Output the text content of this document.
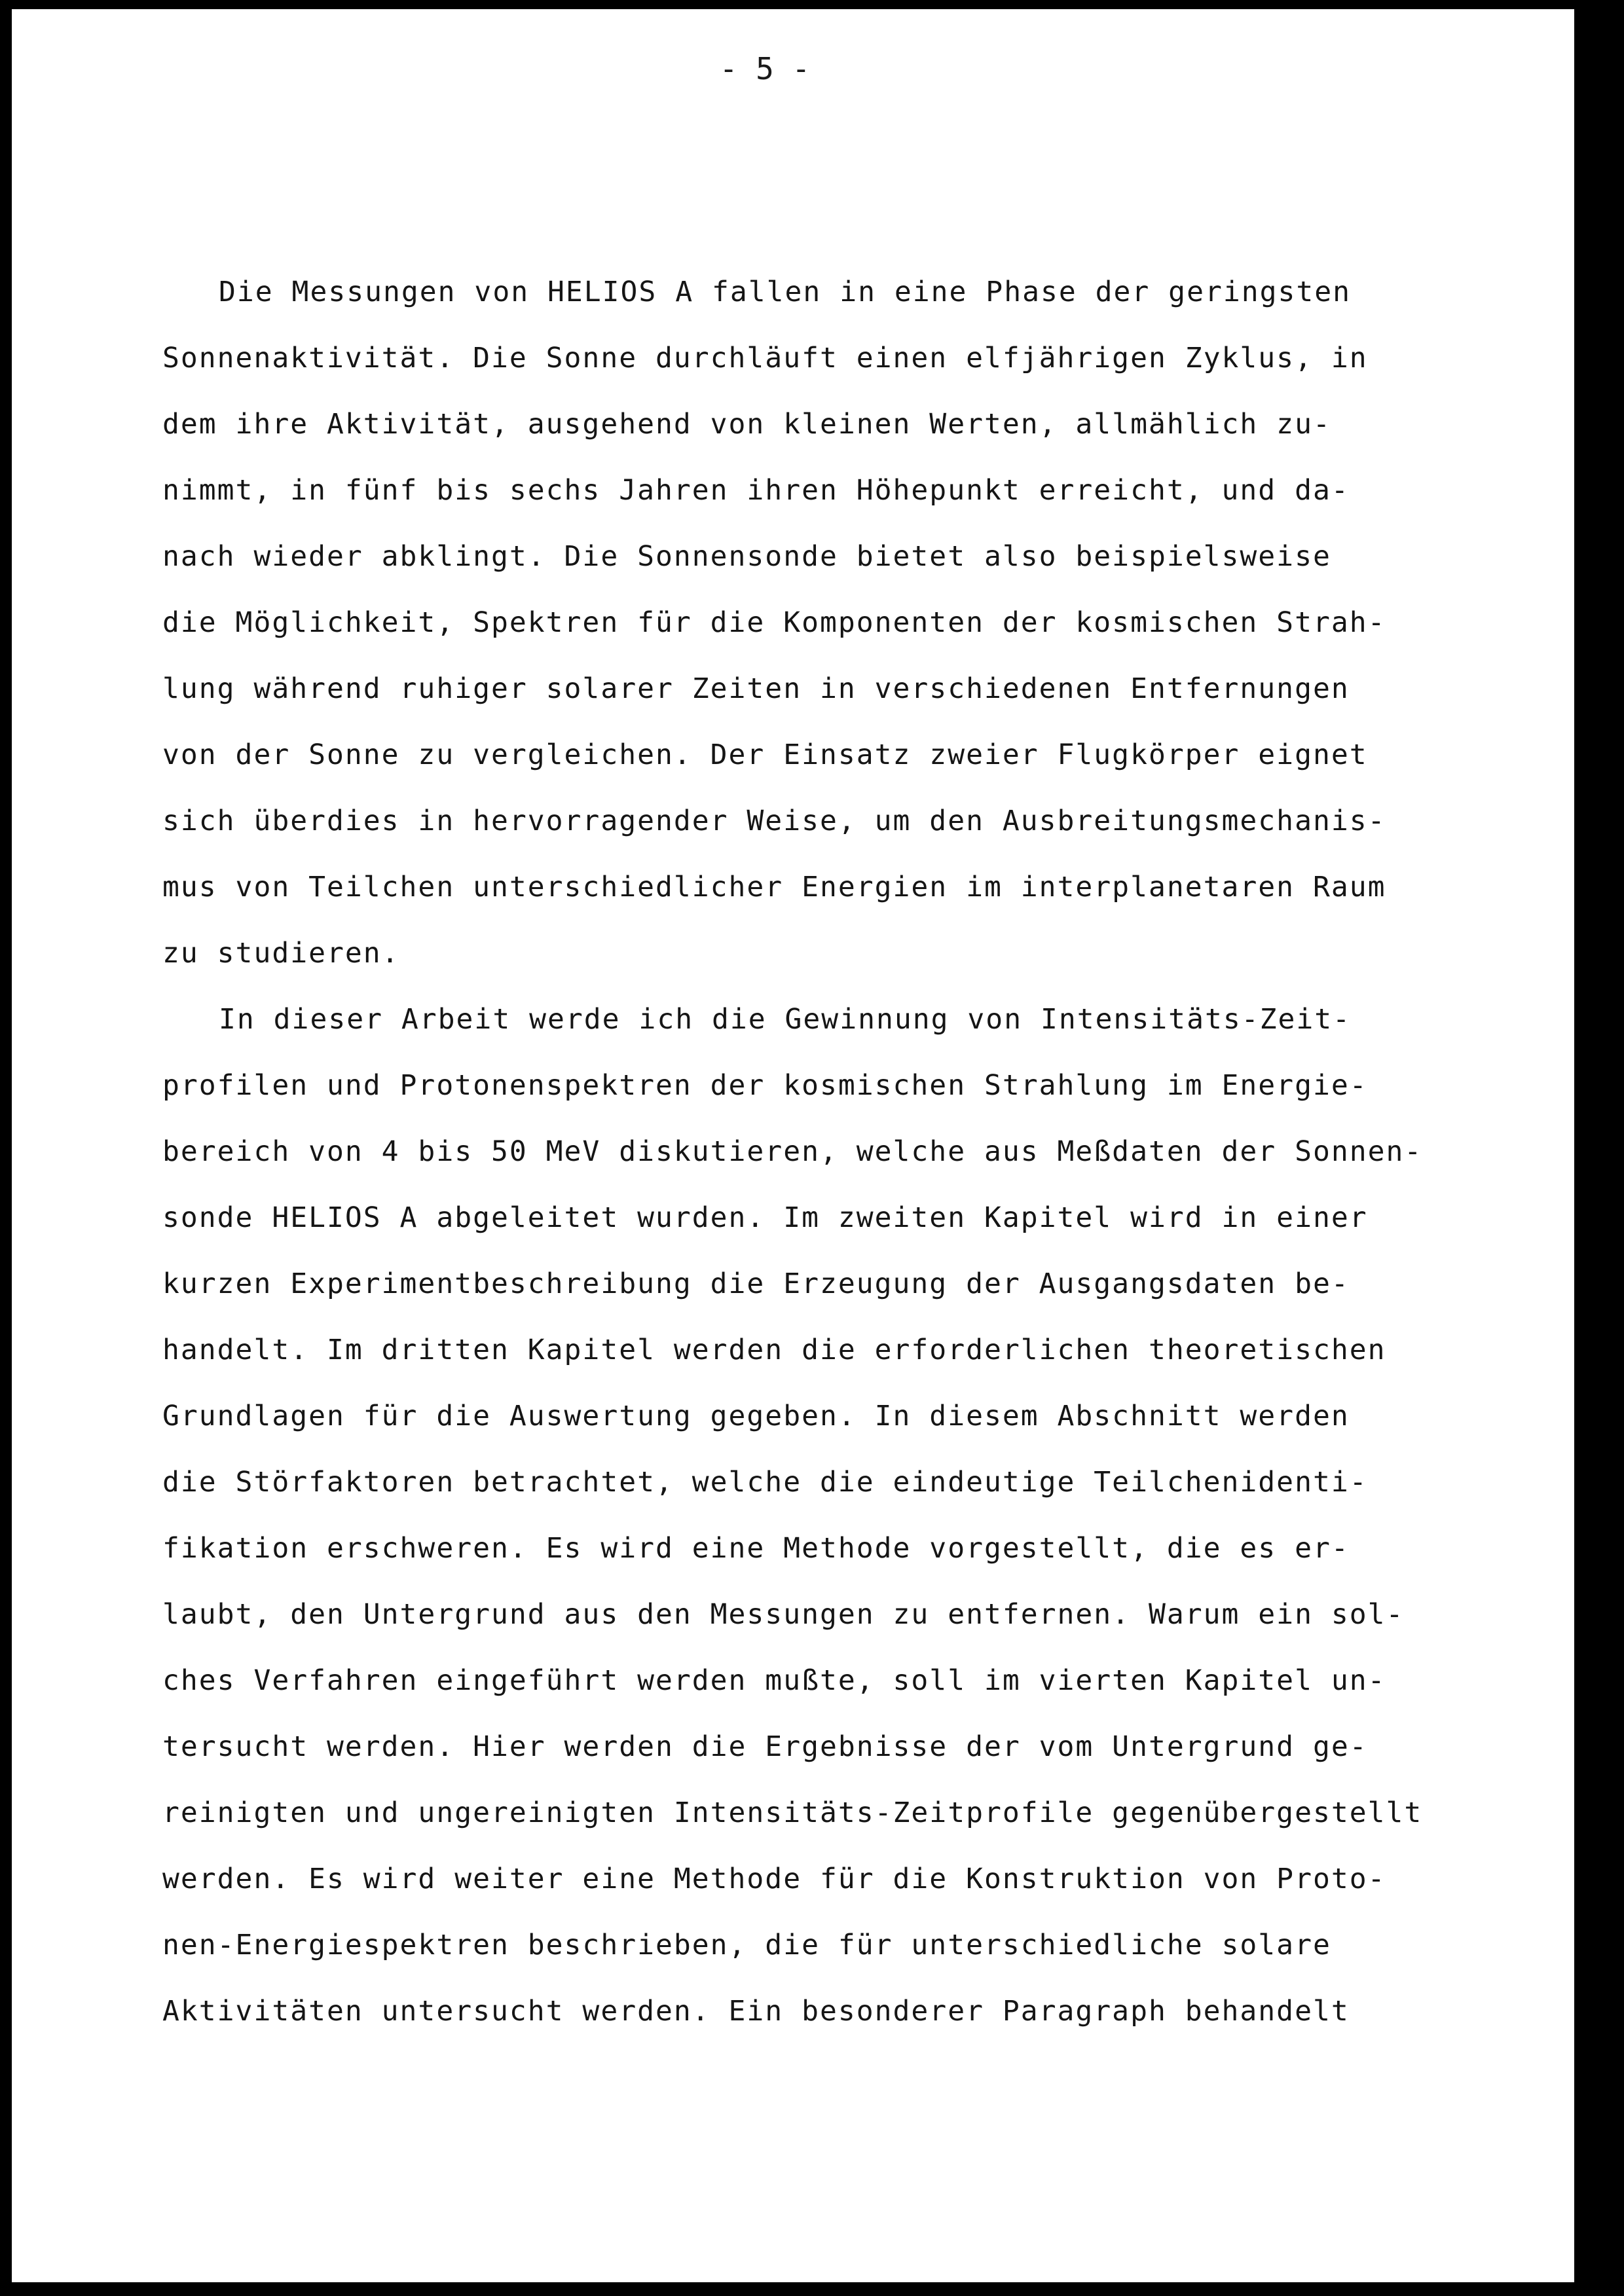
- 5 -
Die Messungen von HELIOS A fallen in eine Phase der geringsten
Sonnenaktivität. Die Sonne durchläuft einen elfjährigen Zyklus, in
dem ihre Aktivität, ausgehend von kleinen Werten, allmählich zu-
nimmt, in fünf bis sechs Jahren ihren Höhepunkt erreicht, und da-
nach wieder abklingt. Die Sonnensonde bietet also beispielsweise
die Möglichkeit, Spektren für die Komponenten der kosmischen Strah-
lung während ruhiger solarer Zeiten in verschiedenen Entfernungen
von der Sonne zu vergleichen. Der Einsatz zweier Flugkörper eignet
sich überdies in hervorragender Weise, um den Ausbreitungsmechanis-
mus von Teilchen unterschiedlicher Energien im interplanetaren Raum
zu studieren.
In dieser Arbeit werde ich die Gewinnung von Intensitäts-Zeit-
profilen und Protonenspektren der kosmischen Strahlung im Energie-
bereich von 4 bis 50 MeV diskutieren, welche aus Meßdaten der Sonnen-
sonde HELIOS A abgeleitet wurden. Im zweiten Kapitel wird in einer
kurzen Experimentbeschreibung die Erzeugung der Ausgangsdaten be-
handelt. Im dritten Kapitel werden die erforderlichen theoretischen
Grundlagen für die Auswertung gegeben. In diesem Abschnitt werden
die Störfaktoren betrachtet, welche die eindeutige Teilchenidenti-
fikation erschweren. Es wird eine Methode vorgestellt, die es er-
laubt, den Untergrund aus den Messungen zu entfernen. Warum ein sol-
ches Verfahren eingeführt werden mußte, soll im vierten Kapitel un-
tersucht werden. Hier werden die Ergebnisse der vom Untergrund ge-
reinigten und ungereinigten Intensitäts-Zeitprofile gegenübergestellt
werden. Es wird weiter eine Methode für die Konstruktion von Proto-
nen-Energiespektren beschrieben, die für unterschiedliche solare
Aktivitäten untersucht werden. Ein besonderer Paragraph behandelt
